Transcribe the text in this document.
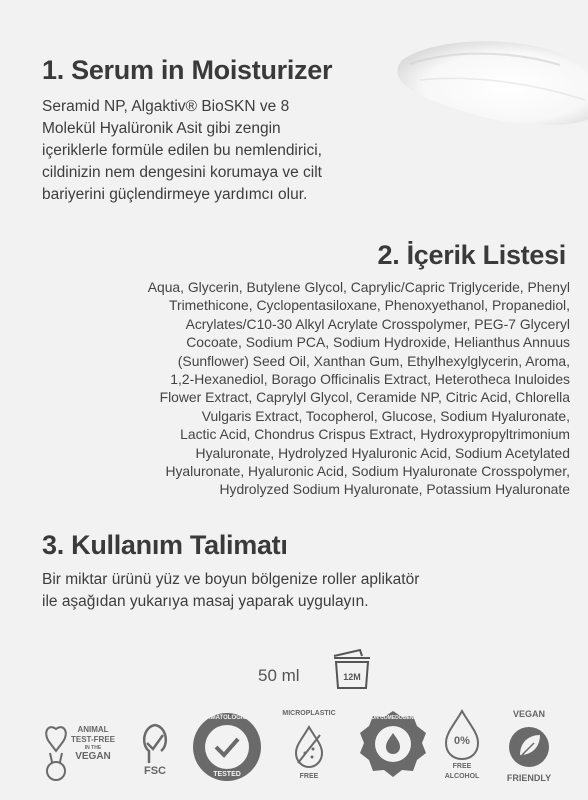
1. Serum in Moisturizer

Seramid NP, Algaktiv® BioSKN ve 8
Molekül Hyalüronik Asit gibi zengin
içeriklerle formüle edilen bu nemlendirici,
cildinizin nem dengesini korumaya ve cilt
bariyerini güçlendirmeye yardımcı olur.

2. İçerik Listesi

Aqua, Glycerin, Butylene Glycol, Caprylic/Capric Triglyceride, Phenyl
Trimethicone, Cyclopentasiloxane, Phenoxyethanol, Propanediol,
Acrylates/C10-30 Alkyl Acrylate Crosspolymer, PEG-7 Glyceryl
Cocoate, Sodium PCA, Sodium Hydroxide, Helianthus Annuus
(Sunflower) Seed Oil, Xanthan Gum, Ethylhexylglycerin, Aroma,
1,2-Hexanediol, Borago Officinalis Extract, Heterotheca Inuloides
Flower Extract, Caprylyl Glycol, Ceramide NP, Citric Acid, Chlorella
Vulgaris Extract, Tocopherol, Glucose, Sodium Hyaluronate,
Lactic Acid, Chondrus Crispus Extract, Hydroxypropyltrimonium
Hyaluronate, Hydrolyzed Hyaluronic Acid, Sodium Acetylated
Hyaluronate, Hyaluronic Acid, Sodium Hyaluronate Crosspolymer,
Hydrolyzed Sodium Hyaluronate, Potassium Hyaluronate

3. Kullanım Talimatı

Bir miktar ürünü yüz ve boyun bölgenize roller aplikatör
ile aşağıdan yukarıya masaj yaparak uygulayın.

50 ml	12M
ANIMAL
TEST-FREE
IN THE
VEGAN
FSC
DERMATOLOGICALLY
TESTED
MICROPLASTIC
FREE
NON COMEDOGENIC
0%
FREE
ALCOHOL
VEGAN
FRIENDLY
